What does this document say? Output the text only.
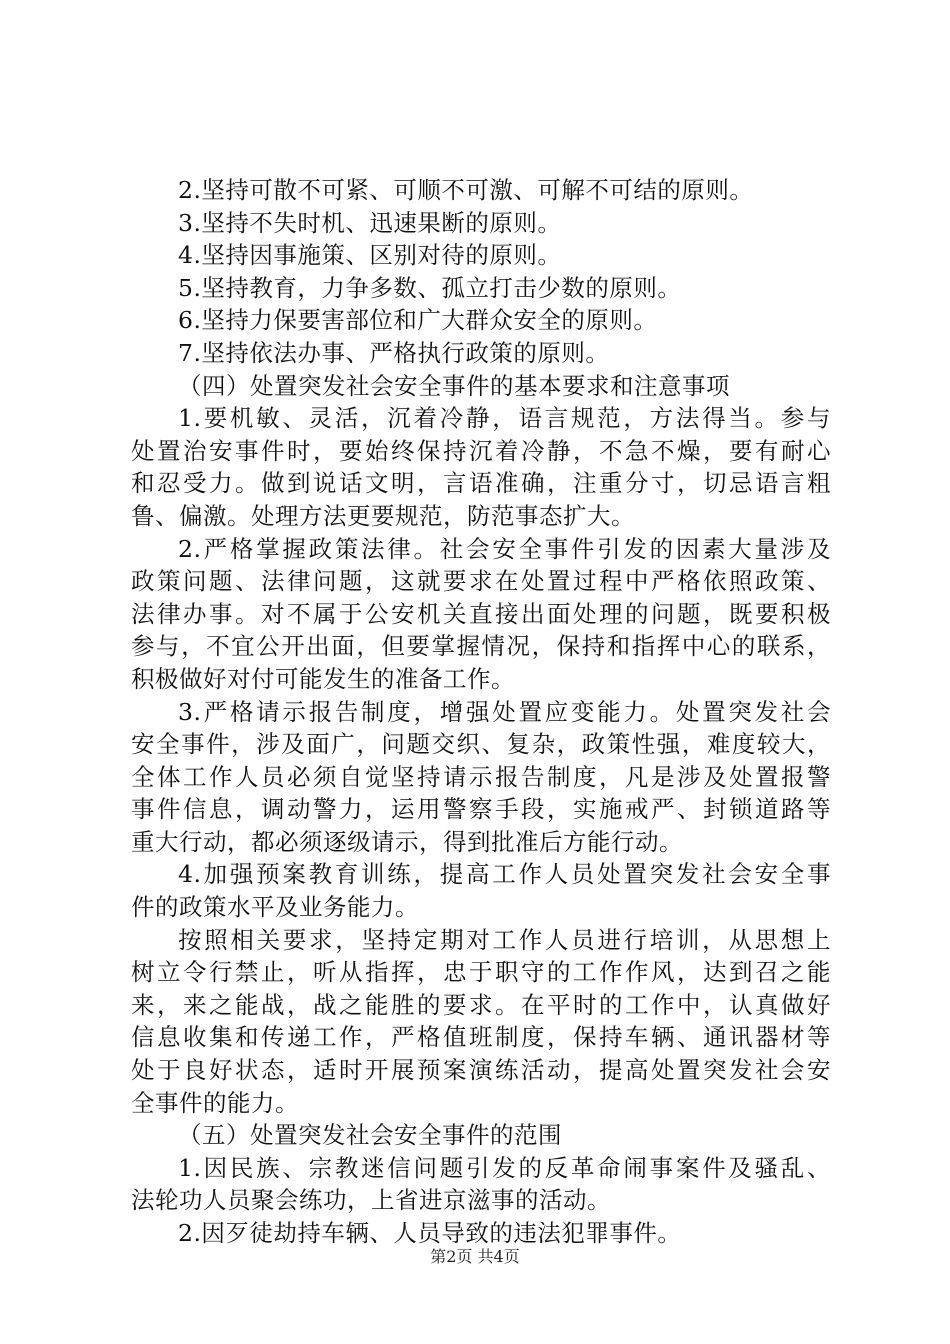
2.坚持可散不可紧、可顺不可激、可解不可结的原则。
3.坚持不失时机、迅速果断的原则。
4.坚持因事施策、区别对待的原则。
5.坚持教育，力争多数、孤立打击少数的原则。
6.坚持力保要害部位和广大群众安全的原则。
7.坚持依法办事、严格执行政策的原则。
（四）处置突发社会安全事件的基本要求和注意事项
1.要机敏、灵活，沉着冷静，语言规范，方法得当。参与
处置治安事件时，要始终保持沉着冷静，不急不燥，要有耐心
和忍受力。做到说话文明，言语准确，注重分寸，切忌语言粗
鲁、偏激。处理方法更要规范，防范事态扩大。
2.严格掌握政策法律。社会安全事件引发的因素大量涉及
政策问题、法律问题，这就要求在处置过程中严格依照政策、
法律办事。对不属于公安机关直接出面处理的问题，既要积极
参与，不宜公开出面，但要掌握情况，保持和指挥中心的联系，
积极做好对付可能发生的准备工作。
3.严格请示报告制度，增强处置应变能力。处置突发社会
安全事件，涉及面广，问题交织、复杂，政策性强，难度较大，
全体工作人员必须自觉坚持请示报告制度，凡是涉及处置报警
事件信息，调动警力，运用警察手段，实施戒严、封锁道路等
重大行动，都必须逐级请示，得到批准后方能行动。
4.加强预案教育训练，提高工作人员处置突发社会安全事
件的政策水平及业务能力。
按照相关要求，坚持定期对工作人员进行培训，从思想上
树立令行禁止，听从指挥，忠于职守的工作作风，达到召之能
来，来之能战，战之能胜的要求。在平时的工作中，认真做好
信息收集和传递工作，严格值班制度，保持车辆、通讯器材等
处于良好状态，适时开展预案演练活动，提高处置突发社会安
全事件的能力。
（五）处置突发社会安全事件的范围
1.因民族、宗教迷信问题引发的反革命闹事案件及骚乱、
法轮功人员聚会练功，上省进京滋事的活动。
2.因歹徒劫持车辆、人员导致的违法犯罪事件。
第2页 共4页
